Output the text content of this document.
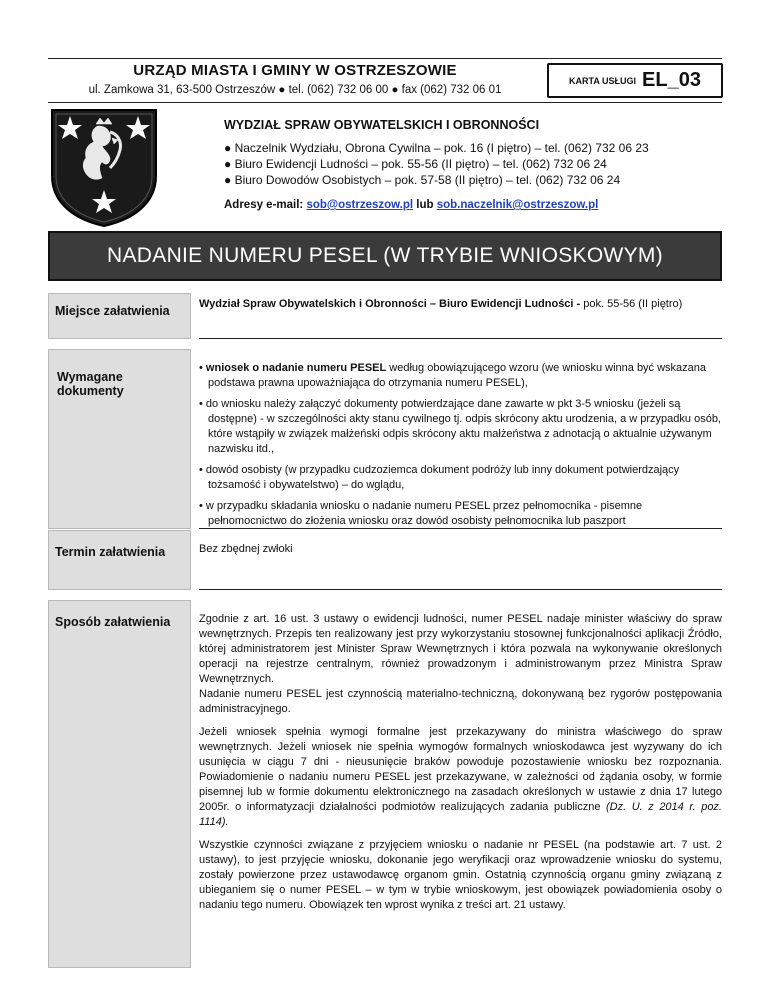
URZĄD MIASTA I GMINY W OSTRZESZOWIE
ul. Zamkowa 31, 63-500 Ostrzeszów ● tel. (062) 732 06 00 ● fax (062) 732 06 01
KARTA USŁUGI EL_03
WYDZIAŁ SPRAW OBYWATELSKICH I OBRONNOŚCI
● Naczelnik Wydziału, Obrona Cywilna – pok. 16 (I piętro) – tel. (062) 732 06 23
● Biuro Ewidencji Ludności – pok. 55-56 (II piętro) – tel. (062) 732 06 24
● Biuro Dowodów Osobistych – pok. 57-58 (II piętro) – tel. (062) 732 06 24
Adresy e-mail: sob@ostrzeszow.pl lub sob.naczelnik@ostrzeszow.pl
NADANIE NUMERU PESEL (W TRYBIE WNIOSKOWYM)
Miejsce załatwienia	Wydział Spraw Obywatelskich i Obronności – Biuro Ewidencji Ludności - pok. 55-56 (II piętro)
Wymagane dokumenty
• wniosek o nadanie numeru PESEL według obowiązującego wzoru (we wniosku winna być wskazana podstawa prawna upoważniająca do otrzymania numeru PESEL),
• do wniosku należy załączyć dokumenty potwierdzające dane zawarte w pkt 3-5 wniosku (jeżeli są dostępne) - w szczególności akty stanu cywilnego tj. odpis skrócony aktu urodzenia, a w przypadku osób, które wstąpiły w związek małżeński odpis skrócony aktu małżeństwa z adnotacją o aktualnie używanym nazwisku itd.,
• dowód osobisty (w przypadku cudzoziemca dokument podróży lub inny dokument potwierdzający tożsamość i obywatelstwo) – do wglądu,
• w przypadku składania wniosku o nadanie numeru PESEL przez pełnomocnika - pisemne pełnomocnictwo do złożenia wniosku oraz dowód osobisty pełnomocnika lub paszport
Termin załatwienia	Bez zbędnej zwłoki
Sposób załatwienia	Zgodnie z art. 16 ust. 3 ustawy o ewidencji ludności, numer PESEL nadaje minister właściwy do spraw wewnętrznych. Przepis ten realizowany jest przy wykorzystaniu stosownej funkcjonalności aplikacji Źródło, której administratorem jest Minister Spraw Wewnętrznych i która pozwala na wykonywanie określonych operacji na rejestrze centralnym, również prowadzonym i administrowanym przez Ministra Spraw Wewnętrznych.
Nadanie numeru PESEL jest czynnością materialno-techniczną, dokonywaną bez rygorów postępowania administracyjnego.
Jeżeli wniosek spełnia wymogi formalne jest przekazywany do ministra właściwego do spraw wewnętrznych. Jeżeli wniosek nie spełnia wymogów formalnych wnioskodawca jest wyzywany do ich usunięcia w ciągu 7 dni - nieusunięcie braków powoduje pozostawienie wniosku bez rozpoznania. Powiadomienie o nadaniu numeru PESEL jest przekazywane, w zależności od żądania osoby, w formie pisemnej lub w formie dokumentu elektronicznego na zasadach określonych w ustawie z dnia 17 lutego 2005r. o informatyzacji działalności podmiotów realizujących zadania publiczne (Dz. U. z 2014 r. poz. 1114).
Wszystkie czynności związane z przyjęciem wniosku o nadanie nr PESEL (na podstawie art. 7 ust. 2 ustawy), to jest przyjęcie wniosku, dokonanie jego weryfikacji oraz wprowadzenie wniosku do systemu, zostały powierzone przez ustawodawcę organom gmin. Ostatnią czynnością organu gminy związaną z ubieganiem się o numer PESEL – w tym w trybie wnioskowym, jest obowiązek powiadomienia osoby o nadaniu tego numeru. Obowiązek ten wprost wynika z treści art. 21 ustawy.
